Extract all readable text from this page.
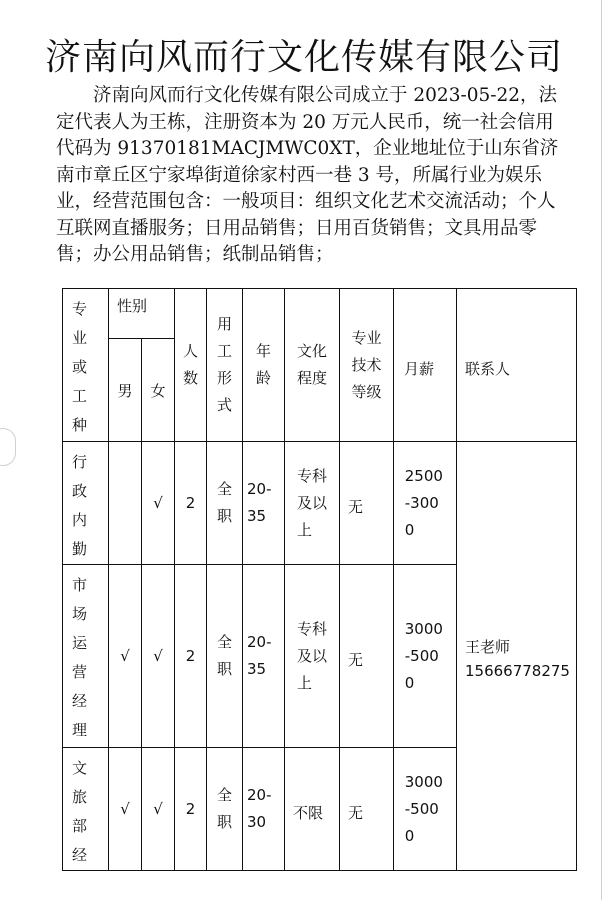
济南向风而行文化传媒有限公司

济南向风而行文化传媒有限公司成立于 2023-05-22，法定代表人为王栋，注册资本为 20 万元人民币，统一社会信用代码为 91370181MACJMWC0XT，企业地址位于山东省济南市章丘区宁家埠街道徐家村西一巷 3 号，所属行业为娱乐业，经营范围包含：一般项目：组织文化艺术交流活动；个人互联网直播服务；日用品销售；日用百货销售；文具用品零售；办公用品销售；纸制品销售；

专业或工种	性别		人数	用工形式	年龄	文化程度	专业技术等级	月薪	联系人

	男	女							

行政内勤		√	2	全职	20-35	专科及以上	无	2500-3000	王老师
15666778275

市场运营经理	√	√	2	全职	20-35	专科及以上	无	3000-5000	

文旅部经	√	√	2	全职	20-30	不限	无	3000-5000	
